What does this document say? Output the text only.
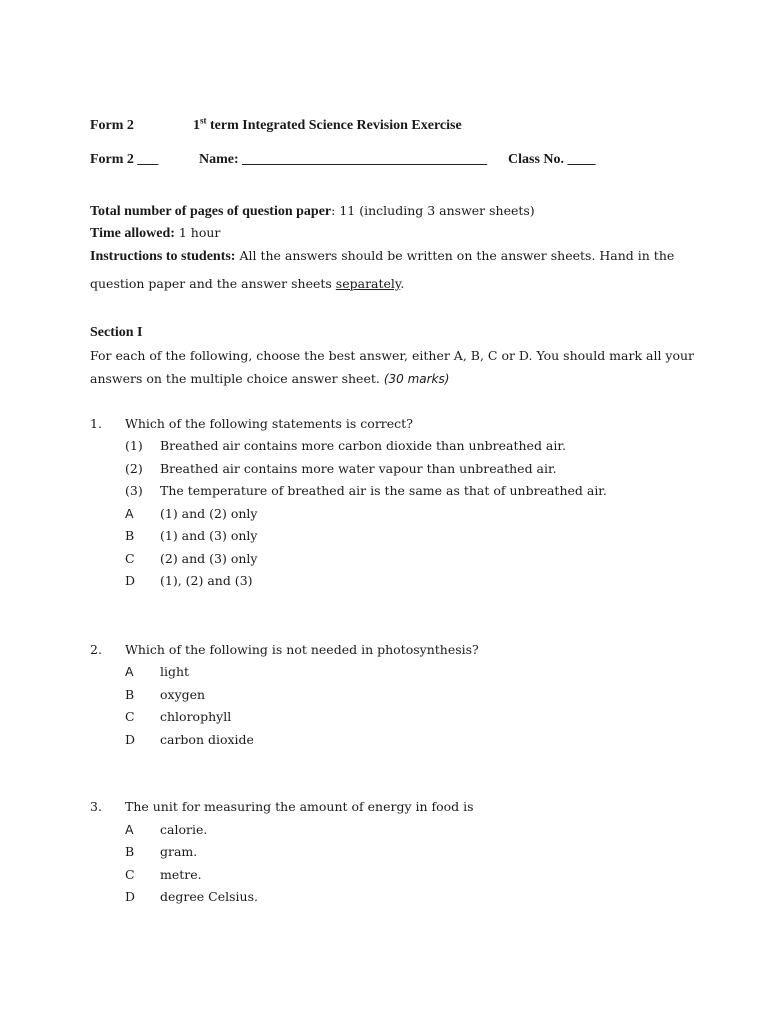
Form 2	1st term Integrated Science Revision Exercise
Form 2 ___	Name: ___________________________________ Class No. ____
Total number of pages of question paper: 11 (including 3 answer sheets)
Time allowed: 1 hour
Instructions to students: All the answers should be written on the answer sheets. Hand in the
question paper and the answer sheets separately.
Section I
For each of the following, choose the best answer, either A, B, C or D. You should mark all your
answers on the multiple choice answer sheet. (30 marks)
1. Which of the following statements is correct?
(1) Breathed air contains more carbon dioxide than unbreathed air.
(2) Breathed air contains more water vapour than unbreathed air.
(3) The temperature of breathed air is the same as that of unbreathed air.
A (1) and (2) only
B (1) and (3) only
C (2) and (3) only
D (1), (2) and (3)
2. Which of the following is not needed in photosynthesis?
A light
B oxygen
C chlorophyll
D carbon dioxide
3. The unit for measuring the amount of energy in food is
A calorie.
B gram.
C metre.
D degree Celsius.
